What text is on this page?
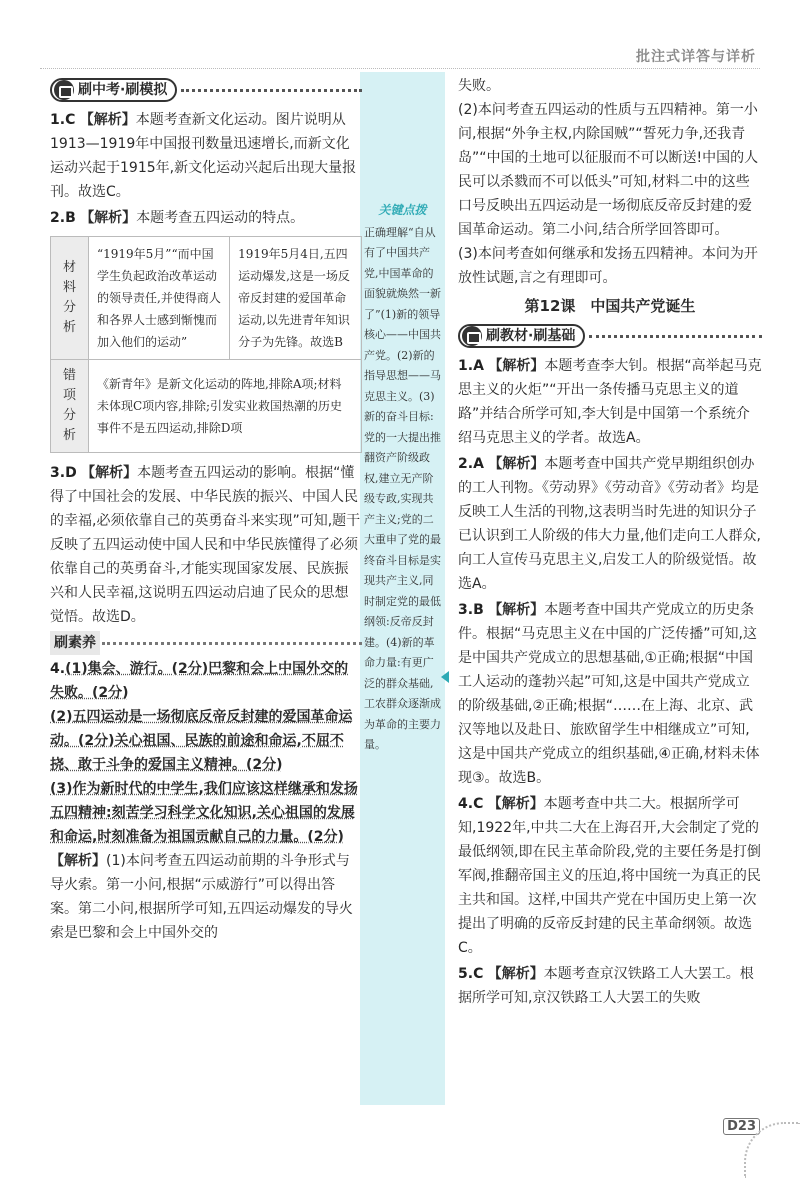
批注式详答与详析
刷中考·刷模拟
1.C 【解析】本题考查新文化运动。图片说明从1913—1919年中国报刊数量迅速增长,而新文化运动兴起于1915年,新文化运动兴起后出现大量报刊。故选C。
2.B 【解析】本题考查五四运动的特点。
材料分析	“1919年5月”“而中国学生负起政治改革运动的领导责任,并使得商人和各界人士感到惭愧而加入他们的运动”	1919年5月4日,五四运动爆发,这是一场反帝反封建的爱国革命运动,以先进青年知识分子为先锋。故选B
错项分析	《新青年》是新文化运动的阵地,排除A项;材料未体现C项内容,排除;引发实业救国热潮的历史事件不是五四运动,排除D项	
3.D 【解析】本题考查五四运动的影响。根据“懂得了中国社会的发展、中华民族的振兴、中国人民的幸福,必须依靠自己的英勇奋斗来实现”可知,题干反映了五四运动使中国人民和中华民族懂得了必须依靠自己的英勇奋斗,才能实现国家发展、民族振兴和人民幸福,这说明五四运动启迪了民众的思想觉悟。故选D。
刷素养
4.(1)集会、游行。(2分)巴黎和会上中国外交的失败。(2分)
(2)五四运动是一场彻底反帝反封建的爱国革命运动。(2分)关心祖国、民族的前途和命运,不屈不挠、敢于斗争的爱国主义精神。(2分)
(3)作为新时代的中学生,我们应该这样继承和发扬五四精神:刻苦学习科学文化知识,关心祖国的发展和命运,时刻准备为祖国贡献自己的力量。(2分)
【解析】(1)本问考查五四运动前期的斗争形式与导火索。第一小问,根据“示威游行”可以得出答案。第二小问,根据所学可知,五四运动爆发的导火索是巴黎和会上中国外交的
关键点拨
正确理解“自从有了中国共产党,中国革命的面貌就焕然一新了”(1)新的领导核心——中国共产党。(2)新的指导思想——马克思主义。(3)新的奋斗目标:党的一大提出推翻资产阶级政权,建立无产阶级专政,实现共产主义;党的二大重申了党的最终奋斗目标是实现共产主义,同时制定党的最低纲领:反帝反封建。(4)新的革命力量:有更广泛的群众基础,工农群众逐渐成为革命的主要力量。
失败。
(2)本问考查五四运动的性质与五四精神。第一小问,根据“外争主权,内除国贼”“誓死力争,还我青岛”“中国的土地可以征服而不可以断送!中国的人民可以杀戮而不可以低头”可知,材料二中的这些口号反映出五四运动是一场彻底反帝反封建的爱国革命运动。第二小问,结合所学回答即可。
(3)本问考查如何继承和发扬五四精神。本问为开放性试题,言之有理即可。
第12课　中国共产党诞生
刷教材·刷基础
1.A 【解析】本题考查李大钊。根据“高举起马克思主义的火炬”“开出一条传播马克思主义的道路”并结合所学可知,李大钊是中国第一个系统介绍马克思主义的学者。故选A。
2.A 【解析】本题考查中国共产党早期组织创办的工人刊物。《劳动界》《劳动音》《劳动者》均是反映工人生活的刊物,这表明当时先进的知识分子已认识到工人阶级的伟大力量,他们走向工人群众,向工人宣传马克思主义,启发工人的阶级觉悟。故选A。
3.B 【解析】本题考查中国共产党成立的历史条件。根据“马克思主义在中国的广泛传播”可知,这是中国共产党成立的思想基础,①正确;根据“中国工人运动的蓬勃兴起”可知,这是中国共产党成立的阶级基础,②正确;根据“……在上海、北京、武汉等地以及赴日、旅欧留学生中相继成立”可知,这是中国共产党成立的组织基础,④正确,材料未体现③。故选B。
4.C 【解析】本题考查中共二大。根据所学可知,1922年,中共二大在上海召开,大会制定了党的最低纲领,即在民主革命阶段,党的主要任务是打倒军阀,推翻帝国主义的压迫,将中国统一为真正的民主共和国。这样,中国共产党在中国历史上第一次提出了明确的反帝反封建的民主革命纲领。故选C。
5.C 【解析】本题考查京汉铁路工人大罢工。根据所学可知,京汉铁路工人大罢工的失败
D23
